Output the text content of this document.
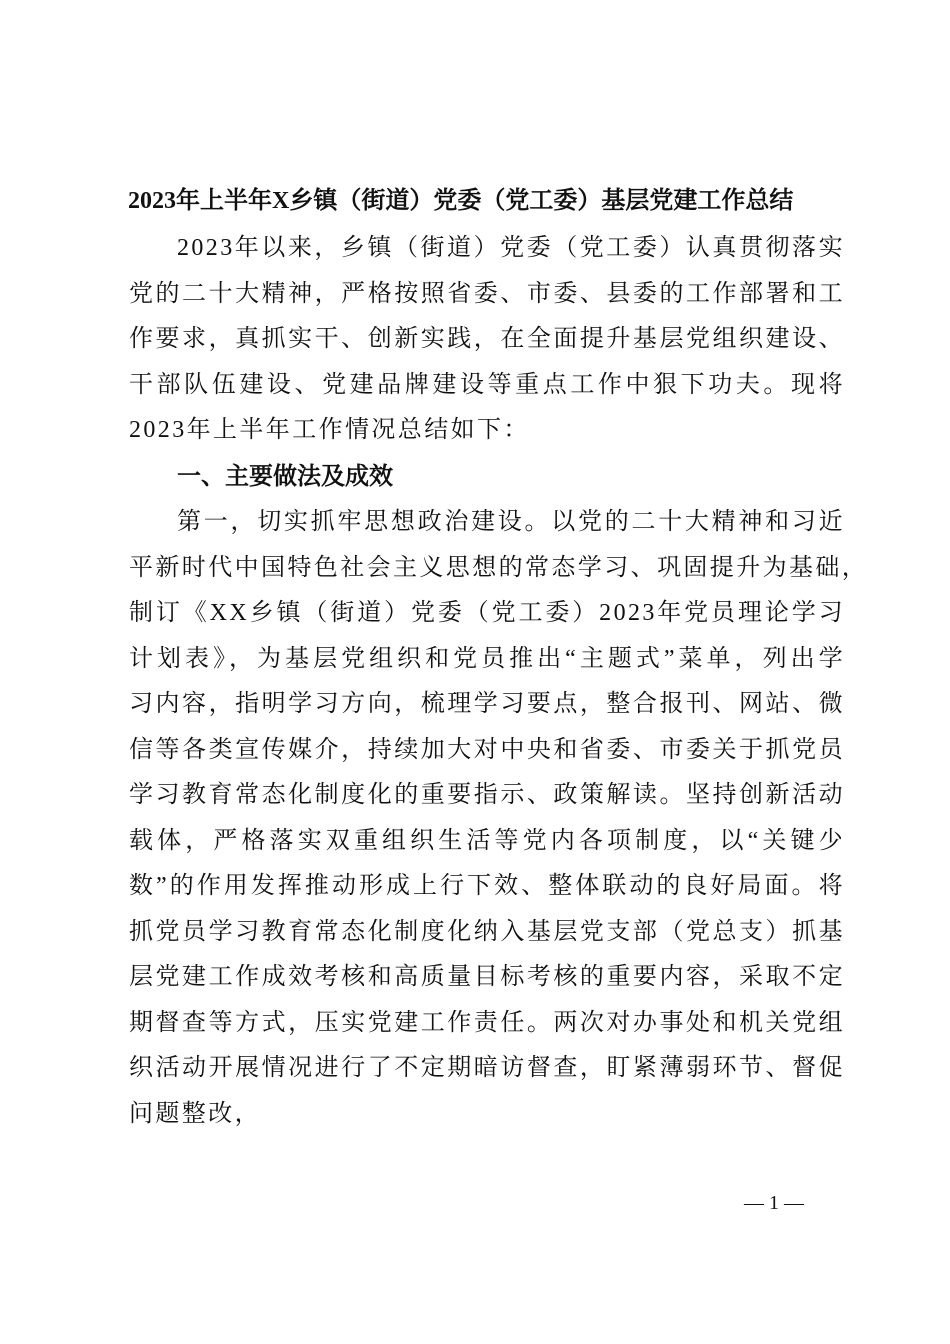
2023年上半年X乡镇（街道）党委（党工委）基层党建工作总结
2023年以来，乡镇（街道）党委（党工委）认真贯彻落实
党的二十大精神，严格按照省委、市委、县委的工作部署和工
作要求，真抓实干、创新实践，在全面提升基层党组织建设、
干部队伍建设、党建品牌建设等重点工作中狠下功夫。现将
2023年上半年工作情况总结如下：

一、主要做法及成效

第一，切实抓牢思想政治建设。以党的二十大精神和习近
平新时代中国特色社会主义思想的常态学习、巩固提升为基础，
制订《XX乡镇（街道）党委（党工委）2023年党员理论学习
计划表》，为基层党组织和党员推出“主题式”菜单，列出学
习内容，指明学习方向，梳理学习要点，整合报刊、网站、微
信等各类宣传媒介，持续加大对中央和省委、市委关于抓党员
学习教育常态化制度化的重要指示、政策解读。坚持创新活动
载体，严格落实双重组织生活等党内各项制度，以“关键少
数”的作用发挥推动形成上行下效、整体联动的良好局面。将
抓党员学习教育常态化制度化纳入基层党支部（党总支）抓基
层党建工作成效考核和高质量目标考核的重要内容，采取不定
期督查等方式，压实党建工作责任。两次对办事处和机关党组
织活动开展情况进行了不定期暗访督查，盯紧薄弱环节、督促
问题整改，
— 1 —
